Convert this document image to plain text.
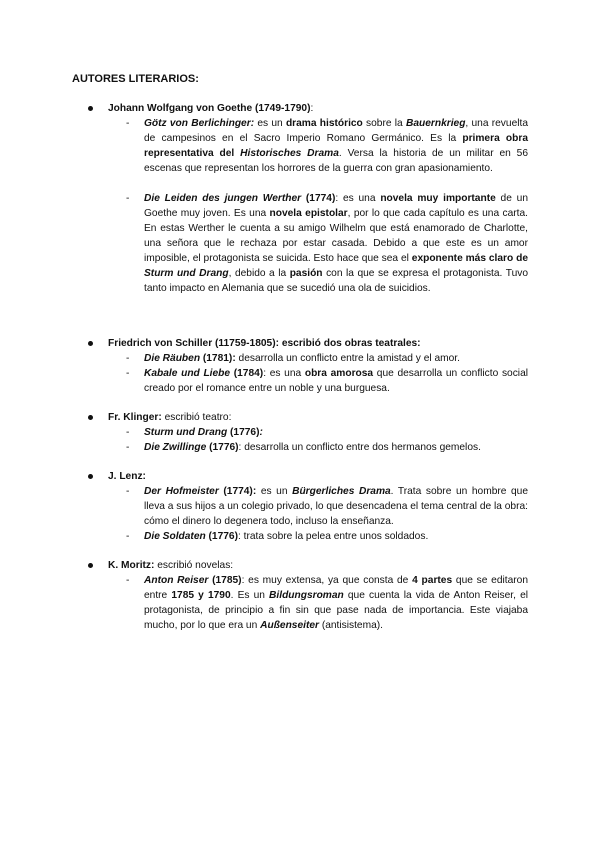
AUTORES LITERARIOS:
Johann Wolfgang von Goethe (1749-1790):
- Götz von Berlichinger: es un drama histórico sobre la Bauernkrieg, una revuelta de campesinos en el Sacro Imperio Romano Germánico. Es la primera obra representativa del Historisches Drama. Versa la historia de un militar en 56 escenas que representan los horrores de la guerra con gran apasionamiento.
- Die Leiden des jungen Werther (1774): es una novela muy importante de un Goethe muy joven. Es una novela epistolar, por lo que cada capítulo es una carta. En estas Werther le cuenta a su amigo Wilhelm que está enamorado de Charlotte, una señora que le rechaza por estar casada. Debido a que este es un amor imposible, el protagonista se suicida. Esto hace que sea el exponente más claro de Sturm und Drang, debido a la pasión con la que se expresa el protagonista. Tuvo tanto impacto en Alemania que se sucedió una ola de suicidios.
Friedrich von Schiller (11759-1805): escribió dos obras teatrales:
- Die Räuben (1781): desarrolla un conflicto entre la amistad y el amor.
- Kabale und Liebe (1784): es una obra amorosa que desarrolla un conflicto social creado por el romance entre un noble y una burguesa.
Fr. Klinger: escribió teatro:
- Sturm und Drang (1776):
- Die Zwillinge (1776): desarrolla un conflicto entre dos hermanos gemelos.
J. Lenz:
- Der Hofmeister (1774): es un Bürgerliches Drama. Trata sobre un hombre que lleva a sus hijos a un colegio privado, lo que desencadena el tema central de la obra: cómo el dinero lo degenera todo, incluso la enseñanza.
- Die Soldaten (1776): trata sobre la pelea entre unos soldados.
K. Moritz: escribió novelas:
- Anton Reiser (1785): es muy extensa, ya que consta de 4 partes que se editaron entre 1785 y 1790. Es un Bildungsroman que cuenta la vida de Anton Reiser, el protagonista, de principio a fin sin que pase nada de importancia. Este viajaba mucho, por lo que era un Außenseiter (antisistema).
